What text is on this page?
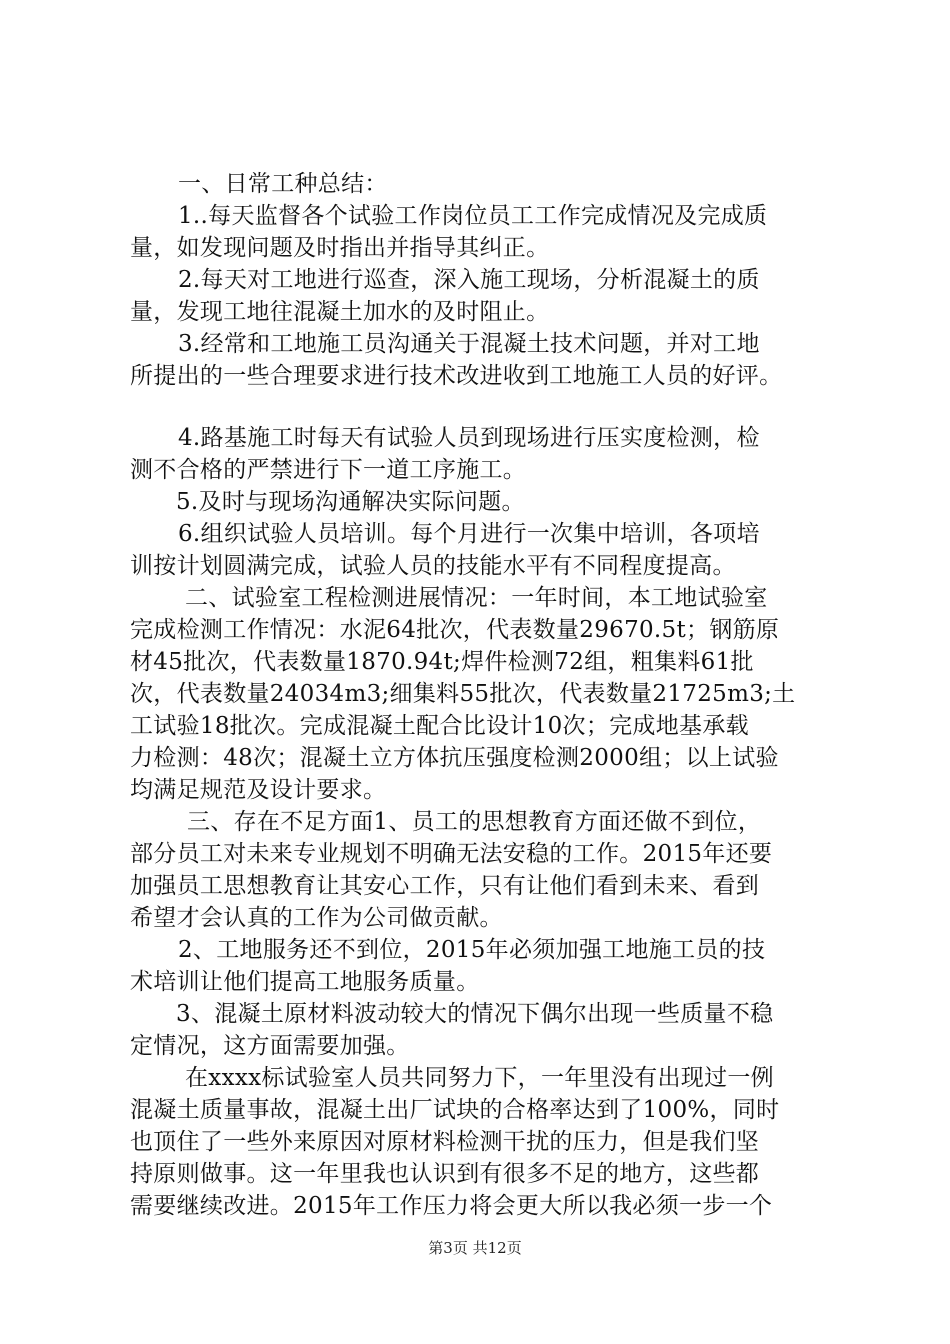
一、日常工种总结：
1..每天监督各个试验工作岗位员工工作完成情况及完成质
量，如发现问题及时指出并指导其纠正。
2.每天对工地进行巡查，深入施工现场，分析混凝土的质
量，发现工地往混凝土加水的及时阻止。
3.经常和工地施工员沟通关于混凝土技术问题，并对工地
所提出的一些合理要求进行技术改进收到工地施工人员的好评。
4.路基施工时每天有试验人员到现场进行压实度检测，检
测不合格的严禁进行下一道工序施工。
5.及时与现场沟通解决实际问题。
6.组织试验人员培训。每个月进行一次集中培训，各项培
训按计划圆满完成，试验人员的技能水平有不同程度提高。
二、试验室工程检测进展情况：一年时间，本工地试验室
完成检测工作情况：水泥64批次，代表数量29670.5t；钢筋原
材45批次，代表数量1870.94t;焊件检测72组，粗集料61批
次，代表数量24034m3;细集料55批次，代表数量21725m3;土
工试验18批次。完成混凝土配合比设计10次；完成地基承载
力检测：48次；混凝土立方体抗压强度检测2000组；以上试验
均满足规范及设计要求。
三、存在不足方面1、员工的思想教育方面还做不到位，
部分员工对未来专业规划不明确无法安稳的工作。2015年还要
加强员工思想教育让其安心工作，只有让他们看到未来、看到
希望才会认真的工作为公司做贡献。
2、工地服务还不到位，2015年必须加强工地施工员的技
术培训让他们提高工地服务质量。
3、混凝土原材料波动较大的情况下偶尔出现一些质量不稳
定情况，这方面需要加强。
在xxxx标试验室人员共同努力下，一年里没有出现过一例
混凝土质量事故，混凝土出厂试块的合格率达到了100%，同时
也顶住了一些外来原因对原材料检测干扰的压力，但是我们坚
持原则做事。这一年里我也认识到有很多不足的地方，这些都
需要继续改进。2015年工作压力将会更大所以我必须一步一个
第3页 共12页
